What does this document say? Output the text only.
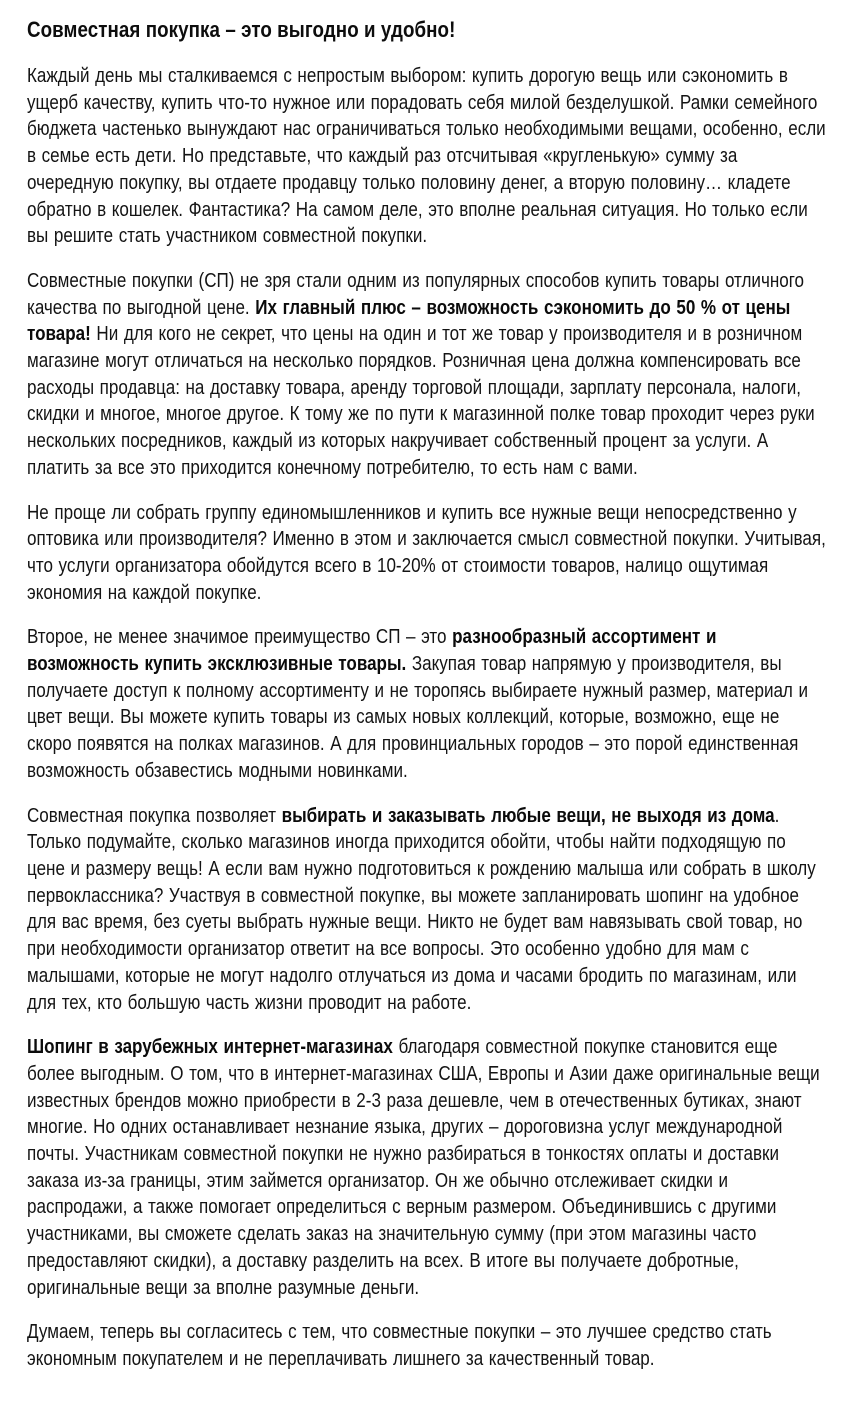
Совместная покупка – это выгодно и удобно!

Каждый день мы сталкиваемся с непростым выбором: купить дорогую вещь или сэкономить в ущерб качеству, купить что-то нужное или порадовать себя милой безделушкой. Рамки семейного бюджета частенько вынуждают нас ограничиваться только необходимыми вещами, особенно, если в семье есть дети. Но представьте, что каждый раз отсчитывая «кругленькую» сумму за очередную покупку, вы отдаете продавцу только половину денег, а вторую половину… кладете обратно в кошелек. Фантастика? На самом деле, это вполне реальная ситуация. Но только если вы решите стать участником совместной покупки.

Совместные покупки (СП) не зря стали одним из популярных способов купить товары отличного качества по выгодной цене. Их главный плюс – возможность сэкономить до 50 % от цены товара! Ни для кого не секрет, что цены на один и тот же товар у производителя и в розничном магазине могут отличаться на несколько порядков. Розничная цена должна компенсировать все расходы продавца: на доставку товара, аренду торговой площади, зарплату персонала, налоги, скидки и многое, многое другое. К тому же по пути к магазинной полке товар проходит через руки нескольких посредников, каждый из которых накручивает собственный процент за услуги. А платить за все это приходится конечному потребителю, то есть нам с вами.

Не проще ли собрать группу единомышленников и купить все нужные вещи непосредственно у оптовика или производителя? Именно в этом и заключается смысл совместной покупки. Учитывая, что услуги организатора обойдутся всего в 10-20% от стоимости товаров, налицо ощутимая экономия на каждой покупке.

Второе, не менее значимое преимущество СП – это разнообразный ассортимент и возможность купить эксклюзивные товары. Закупая товар напрямую у производителя, вы получаете доступ к полному ассортименту и не торопясь выбираете нужный размер, материал и цвет вещи. Вы можете купить товары из самых новых коллекций, которые, возможно, еще не скоро появятся на полках магазинов. А для провинциальных городов – это порой единственная возможность обзавестись модными новинками.

Совместная покупка позволяет выбирать и заказывать любые вещи, не выходя из дома. Только подумайте, сколько магазинов иногда приходится обойти, чтобы найти подходящую по цене и размеру вещь! А если вам нужно подготовиться к рождению малыша или собрать в школу первоклассника? Участвуя в совместной покупке, вы можете запланировать шопинг на удобное для вас время, без суеты выбрать нужные вещи. Никто не будет вам навязывать свой товар, но при необходимости организатор ответит на все вопросы. Это особенно удобно для мам с малышами, которые не могут надолго отлучаться из дома и часами бродить по магазинам, или для тех, кто большую часть жизни проводит на работе.

Шопинг в зарубежных интернет-магазинах благодаря совместной покупке становится еще более выгодным. О том, что в интернет-магазинах США, Европы и Азии даже оригинальные вещи известных брендов можно приобрести в 2-3 раза дешевле, чем в отечественных бутиках, знают многие. Но одних останавливает незнание языка, других – дороговизна услуг международной почты. Участникам совместной покупки не нужно разбираться в тонкостях оплаты и доставки заказа из-за границы, этим займется организатор. Он же обычно отслеживает скидки и распродажи, а также помогает определиться с верным размером. Объединившись с другими участниками, вы сможете сделать заказ на значительную сумму (при этом магазины часто предоставляют скидки), а доставку разделить на всех. В итоге вы получаете добротные, оригинальные вещи за вполне разумные деньги.

Думаем, теперь вы согласитесь с тем, что совместные покупки – это лучшее средство стать экономным покупателем и не переплачивать лишнего за качественный товар.
